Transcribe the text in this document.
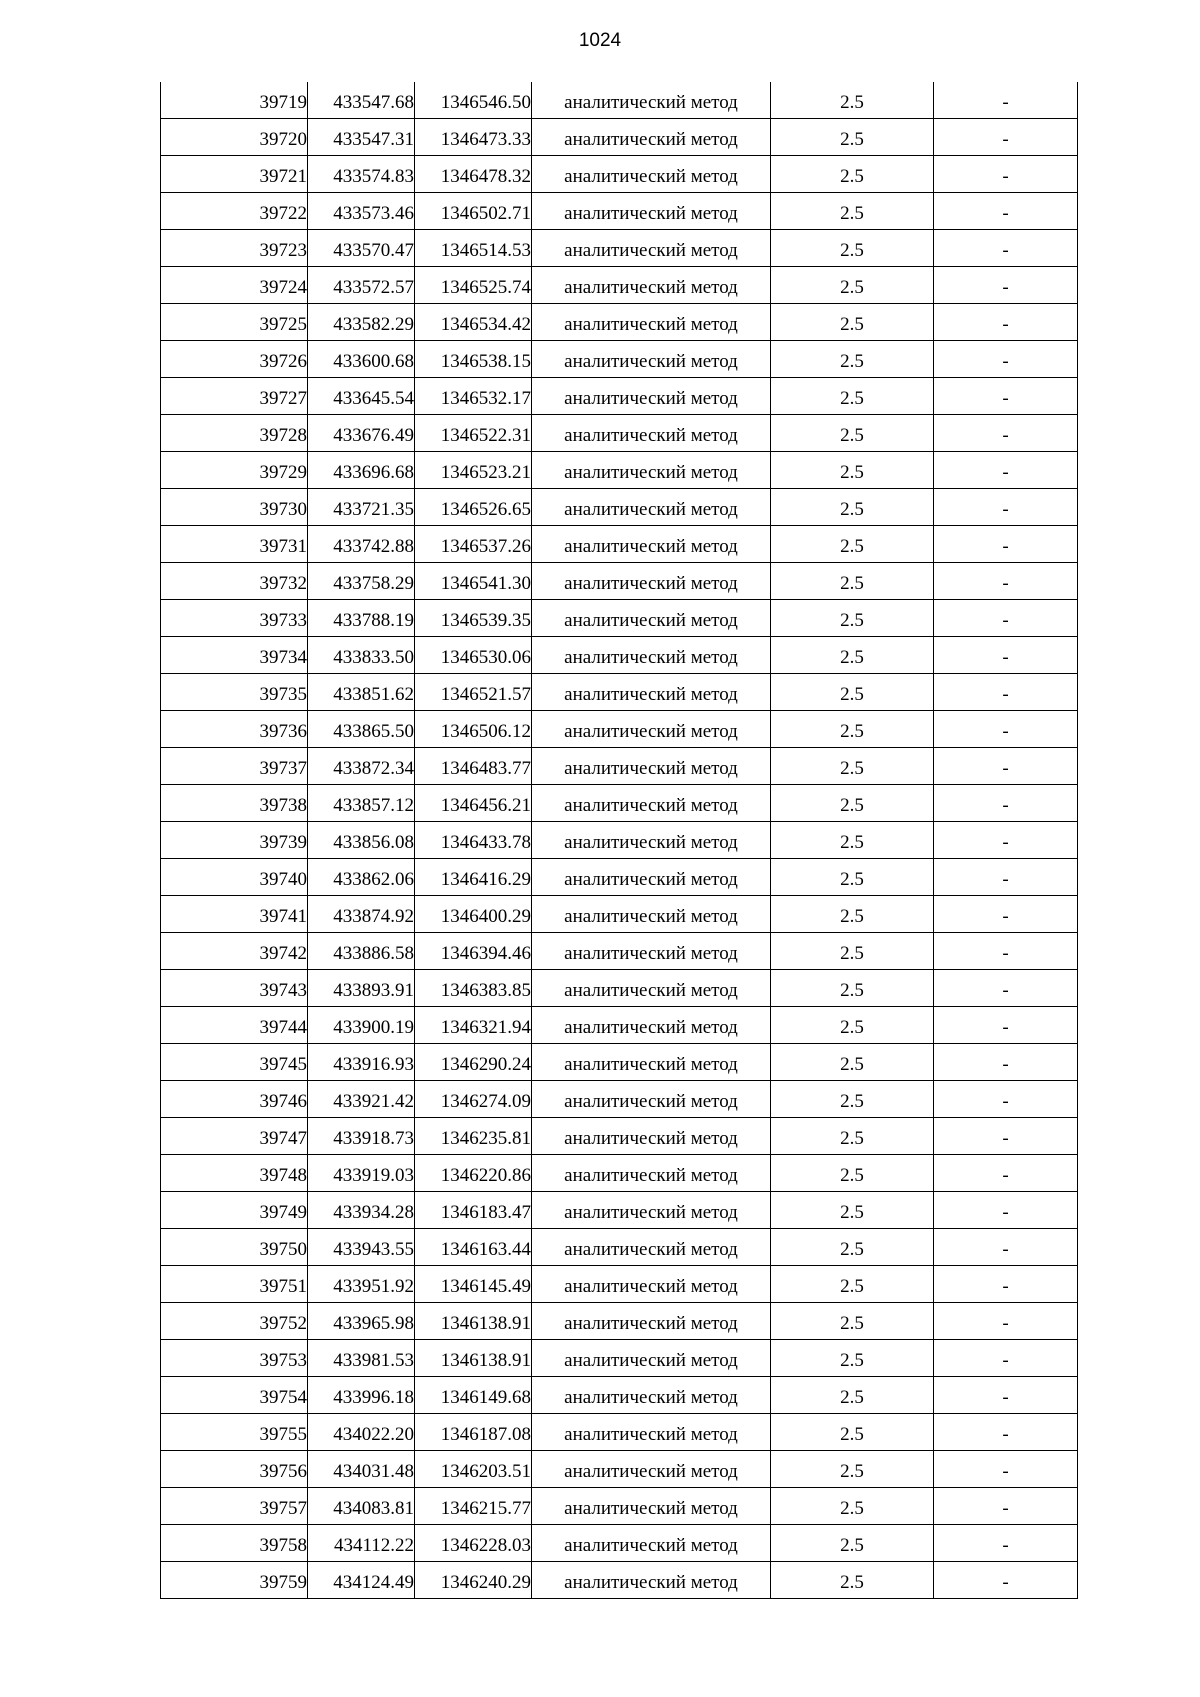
1024
39719	433547.68	1346546.50	аналитический метод	2.5	-
39720	433547.31	1346473.33	аналитический метод	2.5	-
39721	433574.83	1346478.32	аналитический метод	2.5	-
39722	433573.46	1346502.71	аналитический метод	2.5	-
39723	433570.47	1346514.53	аналитический метод	2.5	-
39724	433572.57	1346525.74	аналитический метод	2.5	-
39725	433582.29	1346534.42	аналитический метод	2.5	-
39726	433600.68	1346538.15	аналитический метод	2.5	-
39727	433645.54	1346532.17	аналитический метод	2.5	-
39728	433676.49	1346522.31	аналитический метод	2.5	-
39729	433696.68	1346523.21	аналитический метод	2.5	-
39730	433721.35	1346526.65	аналитический метод	2.5	-
39731	433742.88	1346537.26	аналитический метод	2.5	-
39732	433758.29	1346541.30	аналитический метод	2.5	-
39733	433788.19	1346539.35	аналитический метод	2.5	-
39734	433833.50	1346530.06	аналитический метод	2.5	-
39735	433851.62	1346521.57	аналитический метод	2.5	-
39736	433865.50	1346506.12	аналитический метод	2.5	-
39737	433872.34	1346483.77	аналитический метод	2.5	-
39738	433857.12	1346456.21	аналитический метод	2.5	-
39739	433856.08	1346433.78	аналитический метод	2.5	-
39740	433862.06	1346416.29	аналитический метод	2.5	-
39741	433874.92	1346400.29	аналитический метод	2.5	-
39742	433886.58	1346394.46	аналитический метод	2.5	-
39743	433893.91	1346383.85	аналитический метод	2.5	-
39744	433900.19	1346321.94	аналитический метод	2.5	-
39745	433916.93	1346290.24	аналитический метод	2.5	-
39746	433921.42	1346274.09	аналитический метод	2.5	-
39747	433918.73	1346235.81	аналитический метод	2.5	-
39748	433919.03	1346220.86	аналитический метод	2.5	-
39749	433934.28	1346183.47	аналитический метод	2.5	-
39750	433943.55	1346163.44	аналитический метод	2.5	-
39751	433951.92	1346145.49	аналитический метод	2.5	-
39752	433965.98	1346138.91	аналитический метод	2.5	-
39753	433981.53	1346138.91	аналитический метод	2.5	-
39754	433996.18	1346149.68	аналитический метод	2.5	-
39755	434022.20	1346187.08	аналитический метод	2.5	-
39756	434031.48	1346203.51	аналитический метод	2.5	-
39757	434083.81	1346215.77	аналитический метод	2.5	-
39758	434112.22	1346228.03	аналитический метод	2.5	-
39759	434124.49	1346240.29	аналитический метод	2.5	-
